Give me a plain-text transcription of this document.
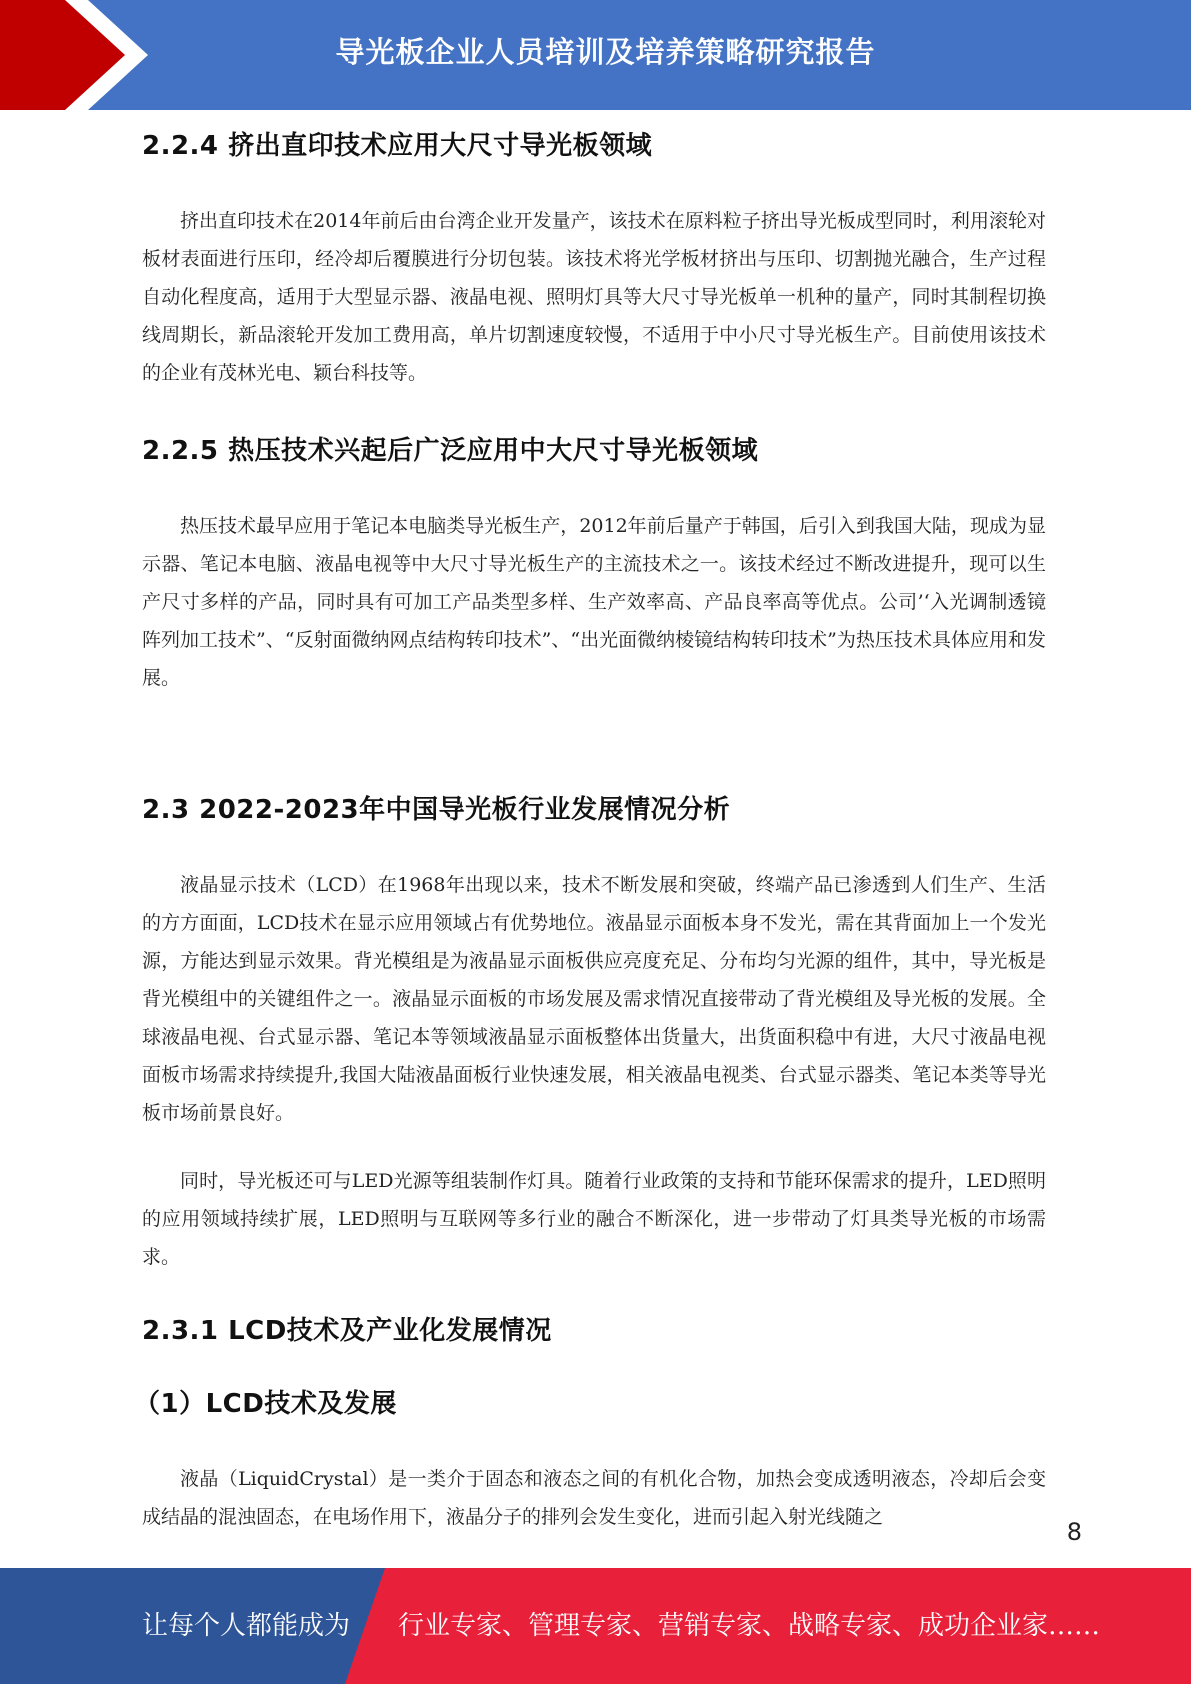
导光板企业人员培训及培养策略研究报告
2.2.4 挤出直印技术应用大尺寸导光板领域

挤出直印技术在2014年前后由台湾企业开发量产，该技术在原料粒子挤出导光板成型同时，利用滚轮对板材表面进行压印，经冷却后覆膜进行分切包装。该技术将光学板材挤出与压印、切割抛光融合，生产过程自动化程度高，适用于大型显示器、液晶电视、照明灯具等大尺寸导光板单一机种的量产，同时其制程切换线周期长，新品滚轮开发加工费用高，单片切割速度较慢，不适用于中小尺寸导光板生产。目前使用该技术的企业有茂林光电、颖台科技等。

2.2.5 热压技术兴起后广泛应用中大尺寸导光板领域

热压技术最早应用于笔记本电脑类导光板生产，2012年前后量产于韩国，后引入到我国大陆，现成为显示器、笔记本电脑、液晶电视等中大尺寸导光板生产的主流技术之一。该技术经过不断改进提升，现可以生产尺寸多样的产品，同时具有可加工产品类型多样、生产效率高、产品良率高等优点。公司’‘入光调制透镜阵列加工技术”、“反射面微纳网点结构转印技术”、“出光面微纳棱镜结构转印技术”为热压技术具体应用和发展。

2.3 2022-2023年中国导光板行业发展情况分析

液晶显示技术（LCD）在1968年出现以来，技术不断发展和突破，终端产品已渗透到人们生产、生活的方方面面，LCD技术在显示应用领域占有优势地位。液晶显示面板本身不发光，需在其背面加上一个发光源，方能达到显示效果。背光模组是为液晶显示面板供应亮度充足、分布均匀光源的组件，其中，导光板是背光模组中的关键组件之一。液晶显示面板的市场发展及需求情况直接带动了背光模组及导光板的发展。全球液晶电视、台式显示器、笔记本等领域液晶显示面板整体出货量大，出货面积稳中有进，大尺寸液晶电视面板市场需求持续提升,我国大陆液晶面板行业快速发展，相关液晶电视类、台式显示器类、笔记本类等导光板市场前景良好。

同时，导光板还可与LED光源等组装制作灯具。随着行业政策的支持和节能环保需求的提升，LED照明的应用领域持续扩展，LED照明与互联网等多行业的融合不断深化，进一步带动了灯具类导光板的市场需求。

2.3.1 LCD技术及产业化发展情况
（1）LCD技术及发展

液晶（LiquidCrystal）是一类介于固态和液态之间的有机化合物，加热会变成透明液态，冷却后会变成结晶的混浊固态，在电场作用下，液晶分子的排列会发生变化，进而引起入射光线随之

8
让每个人都能成为 行业专家、管理专家、营销专家、战略专家、成功企业家……
